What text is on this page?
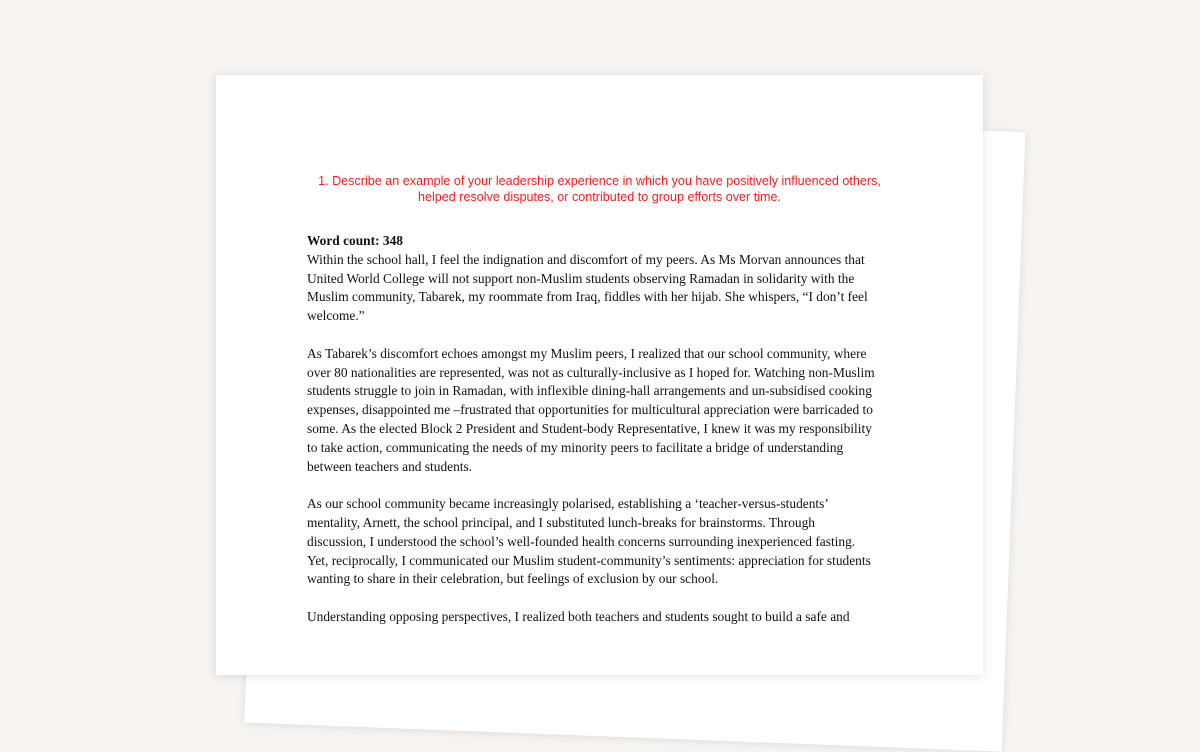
1. Describe an example of your leadership experience in which you have positively influenced others,
helped resolve disputes, or contributed to group efforts over time.
Word count: 348
Within the school hall, I feel the indignation and discomfort of my peers. As Ms Morvan announces that
United World College will not support non-Muslim students observing Ramadan in solidarity with the
Muslim community, Tabarek, my roommate from Iraq, fiddles with her hijab. She whispers, “I don’t feel
welcome.”
As Tabarek’s discomfort echoes amongst my Muslim peers, I realized that our school community, where
over 80 nationalities are represented, was not as culturally-inclusive as I hoped for. Watching non-Muslim
students struggle to join in Ramadan, with inflexible dining-hall arrangements and un-subsidised cooking
expenses, disappointed me –frustrated that opportunities for multicultural appreciation were barricaded to
some. As the elected Block 2 President and Student-body Representative, I knew it was my responsibility
to take action, communicating the needs of my minority peers to facilitate a bridge of understanding
between teachers and students.
As our school community became increasingly polarised, establishing a ‘teacher-versus-students’
mentality, Arnett, the school principal, and I substituted lunch-breaks for brainstorms. Through
discussion, I understood the school’s well-founded health concerns surrounding inexperienced fasting.
Yet, reciprocally, I communicated our Muslim student-community’s sentiments: appreciation for students
wanting to share in their celebration, but feelings of exclusion by our school.
Understanding opposing perspectives, I realized both teachers and students sought to build a safe and
